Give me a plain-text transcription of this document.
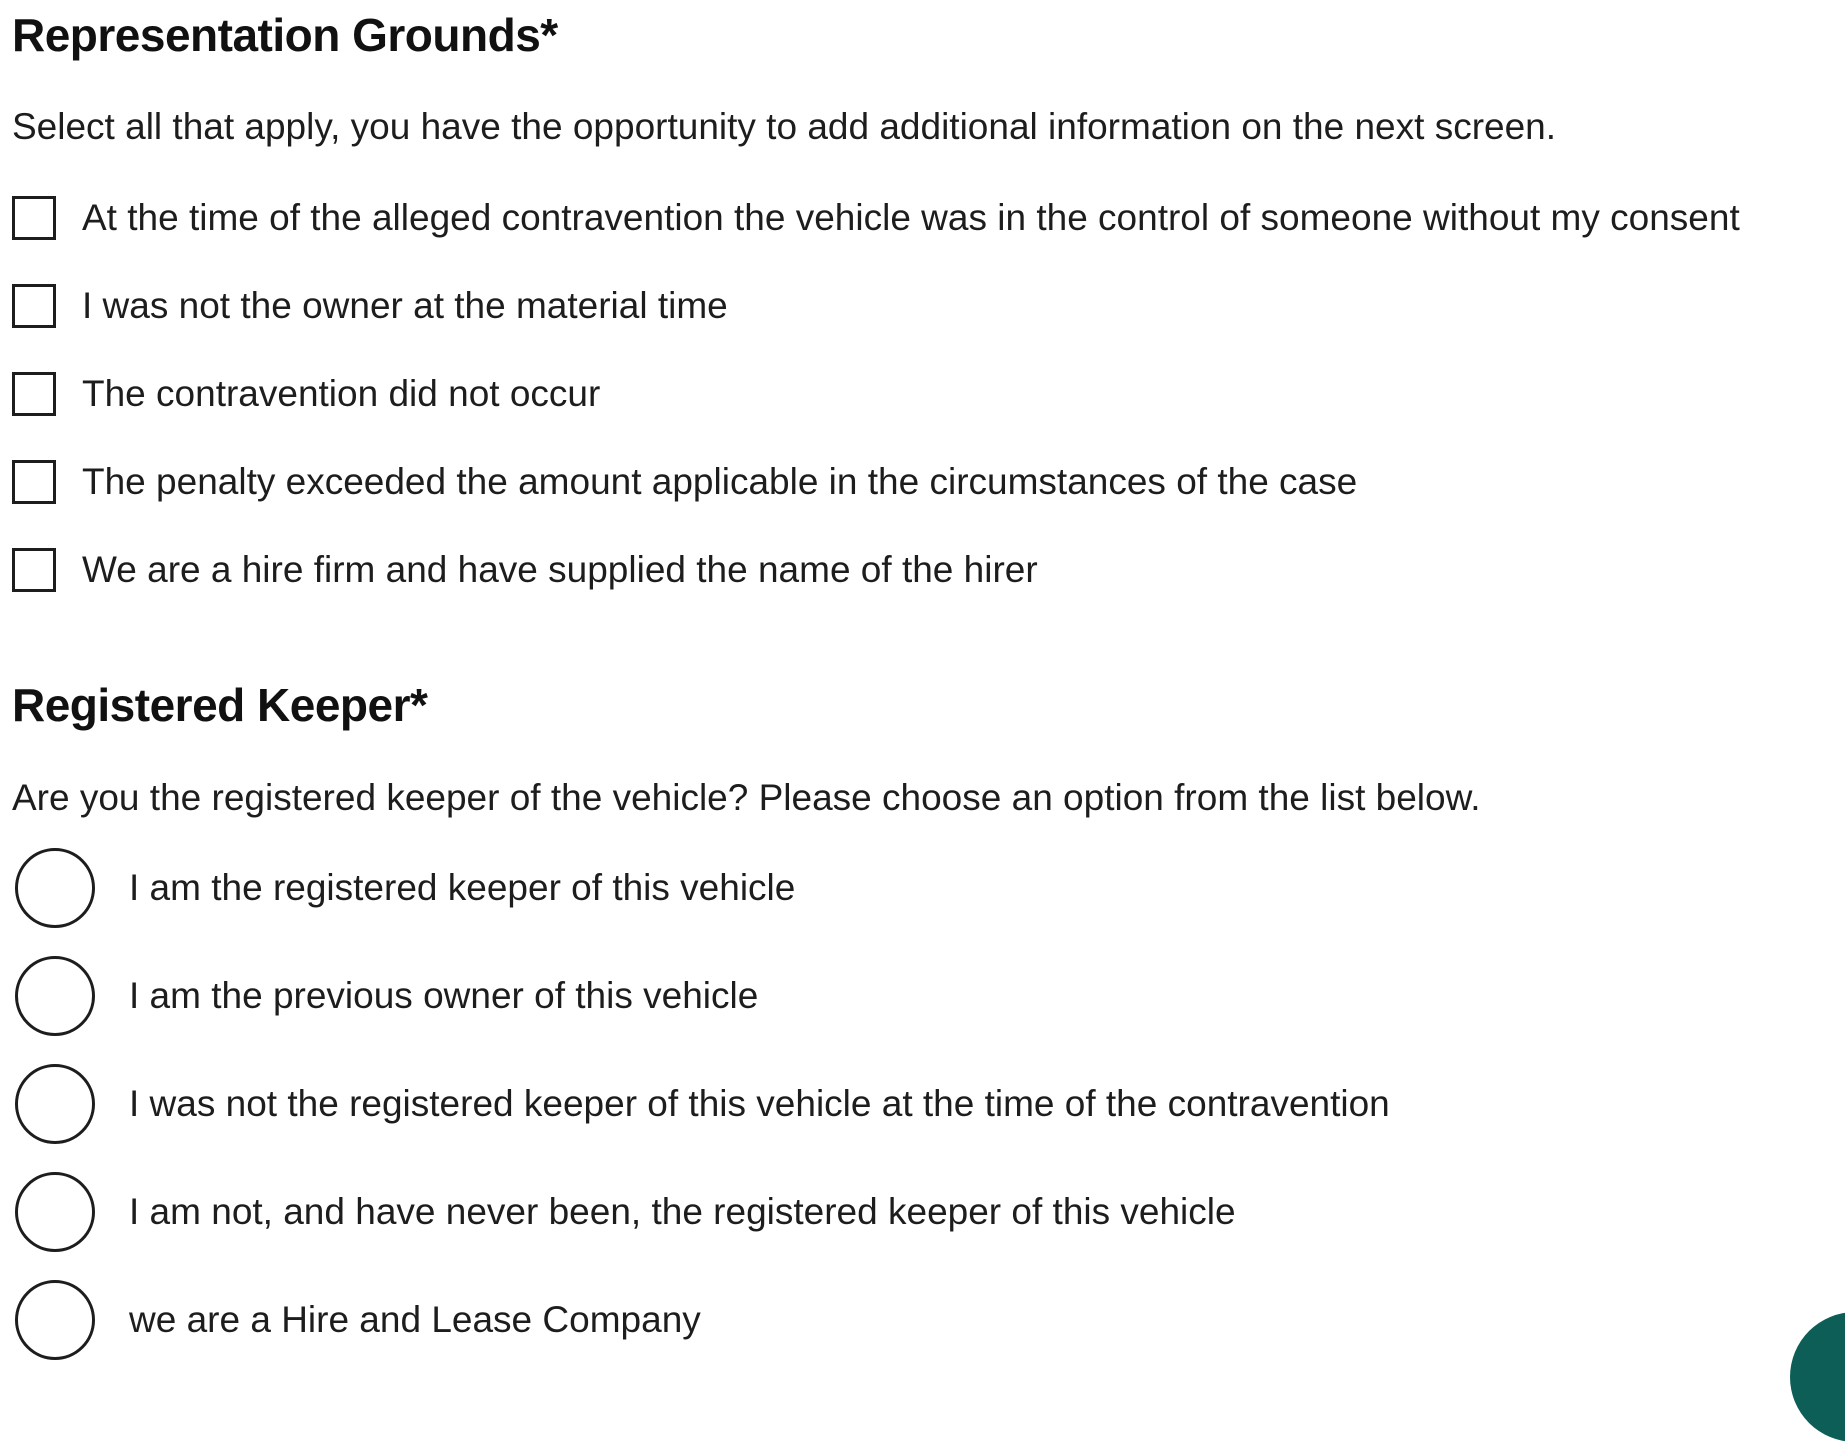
Representation Grounds*

Select all that apply, you have the opportunity to add additional information on the next screen.

At the time of the alleged contravention the vehicle was in the control of someone without my consent
I was not the owner at the material time
The contravention did not occur
The penalty exceeded the amount applicable in the circumstances of the case
We are a hire firm and have supplied the name of the hirer
Registered Keeper*

Are you the registered keeper of the vehicle? Please choose an option from the list below.

I am the registered keeper of this vehicle
I am the previous owner of this vehicle
I was not the registered keeper of this vehicle at the time of the contravention
I am not, and have never been, the registered keeper of this vehicle
we are a Hire and Lease Company
